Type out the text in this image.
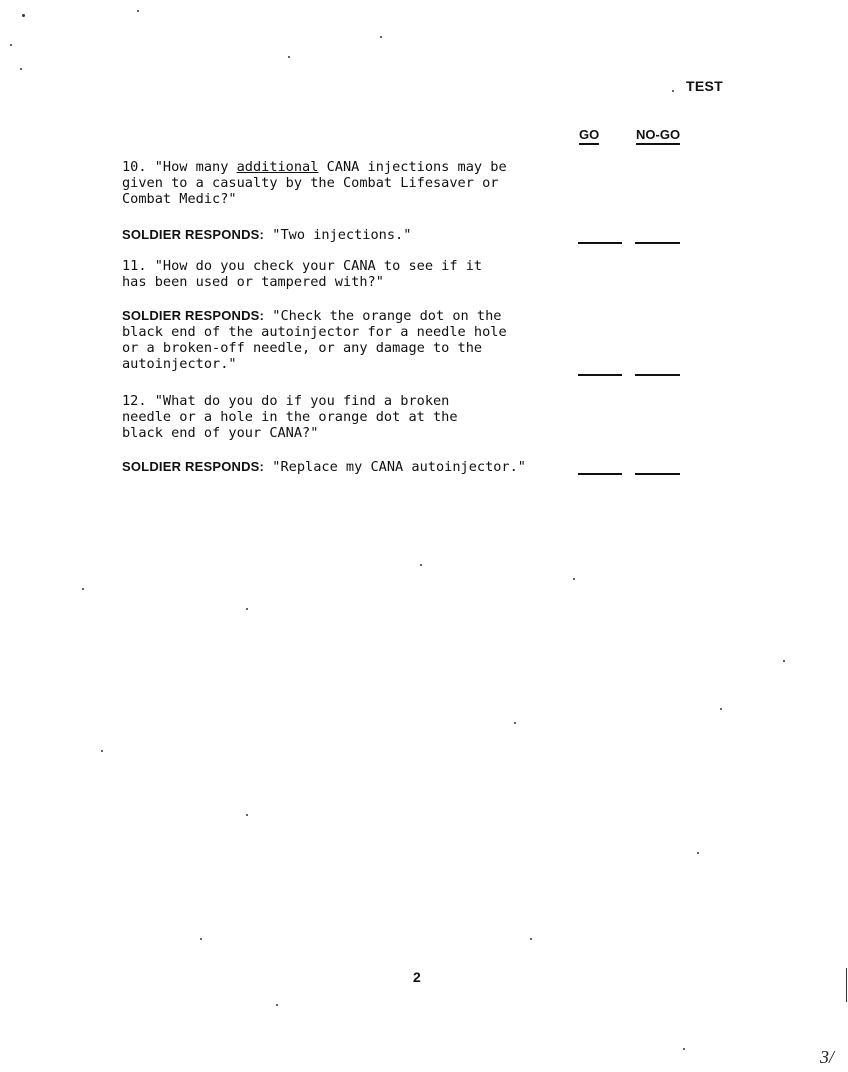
TEST
GO	NO-GO
10. "How many additional CANA injections may be
given to a casualty by the Combat Lifesaver or
Combat Medic?"
SOLDIER RESPONDS: "Two injections."
11. "How do you check your CANA to see if it
has been used or tampered with?"
SOLDIER RESPONDS: "Check the orange dot on the
black end of the autoinjector for a needle hole
or a broken-off needle, or any damage to the
autoinjector."
12. "What do you do if you find a broken
needle or a hole in the orange dot at the
black end of your CANA?"
SOLDIER RESPONDS: "Replace my CANA autoinjector."
2
3/
